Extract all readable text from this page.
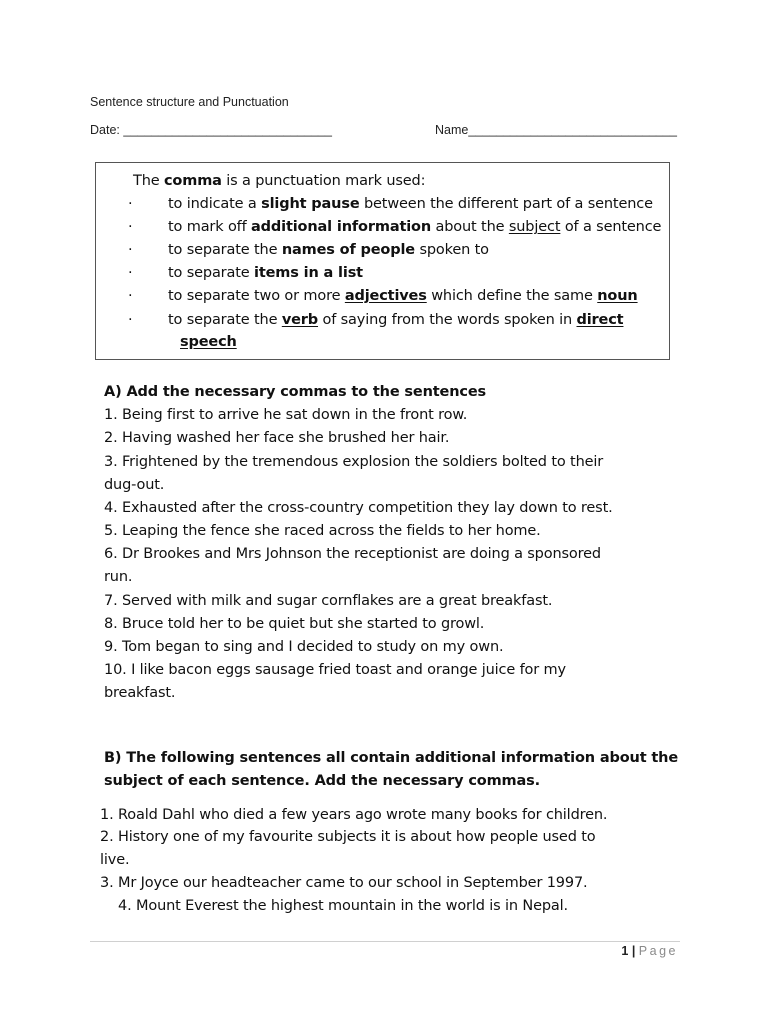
Sentence structure and Punctuation
Date: ______________________________	Name______________________________
The comma is a punctuation mark used:
· to indicate a slight pause between the different part of a sentence
· to mark off additional information about the subject of a sentence
· to separate the names of people spoken to
· to separate items in a list
· to separate two or more adjectives which define the same noun
· to separate the verb of saying from the words spoken in direct
speech
A) Add the necessary commas to the sentences
1. Being first to arrive he sat down in the front row.
2. Having washed her face she brushed her hair.
3. Frightened by the tremendous explosion the soldiers bolted to their
dug-out.
4. Exhausted after the cross-country competition they lay down to rest.
5. Leaping the fence she raced across the fields to her home.
6. Dr Brookes and Mrs Johnson the receptionist are doing a sponsored
run.
7. Served with milk and sugar cornflakes are a great breakfast.
8. Bruce told her to be quiet but she started to growl.
9. Tom began to sing and I decided to study on my own.
10. I like bacon eggs sausage fried toast and orange juice for my
breakfast.
B) The following sentences all contain additional information about the
subject of each sentence. Add the necessary commas.
1. Roald Dahl who died a few years ago wrote many books for children.
2. History one of my favourite subjects it is about how people used to
live.
3. Mr Joyce our headteacher came to our school in September 1997.
4. Mount Everest the highest mountain in the world is in Nepal.
1 | Page
